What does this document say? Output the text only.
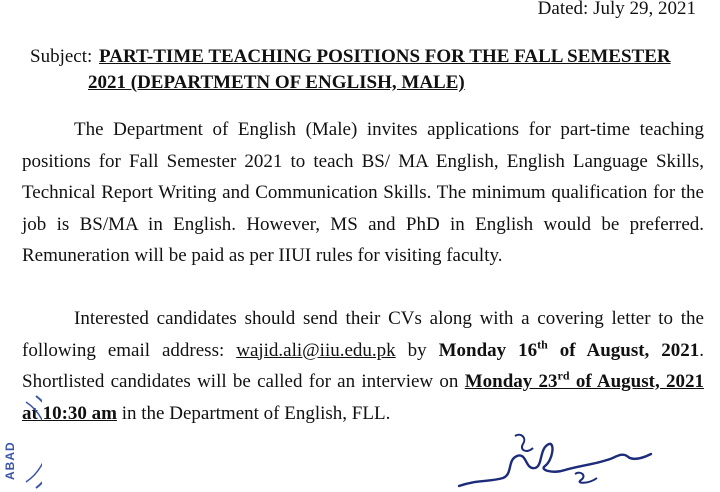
Dated: July 29, 2021
Subject: PART-TIME TEACHING POSITIONS FOR THE FALL SEMESTER
2021 (DEPARTMETN OF ENGLISH, MALE)

The Department of English (Male) invites applications for part-time teaching positions for Fall Semester 2021 to teach BS/ MA English, English Language Skills, Technical Report Writing and Communication Skills. The minimum qualification for the job is BS/MA in English. However, MS and PhD in English would be preferred. Remuneration will be paid as per IIUI rules for visiting faculty.

Interested candidates should send their CVs along with a covering letter to the following email address: wajid.ali@iiu.edu.pk by Monday 16th of August, 2021. Shortlisted candidates will be called for an interview on Monday 23rd of August, 2021 at 10:30 am in the Department of English, FLL.

ABAD
